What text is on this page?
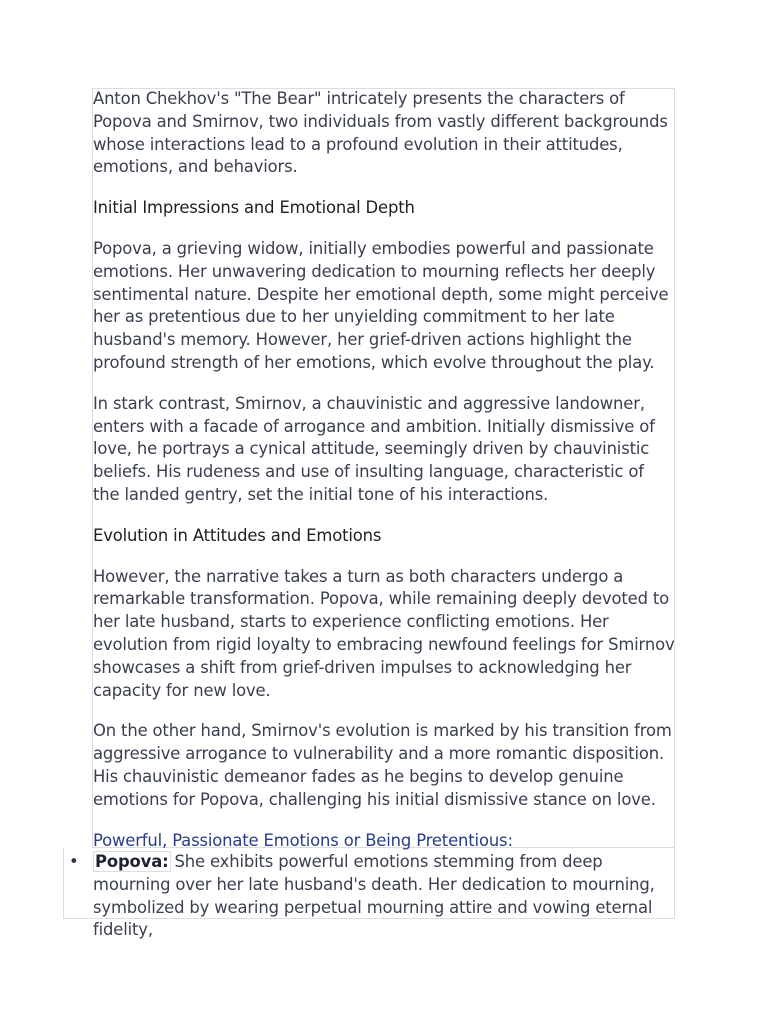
Anton Chekhov's "The Bear" intricately presents the characters of Popova and Smirnov, two individuals from vastly different backgrounds whose interactions lead to a profound evolution in their attitudes, emotions, and behaviors.

Initial Impressions and Emotional Depth

Popova, a grieving widow, initially embodies powerful and passionate emotions. Her unwavering dedication to mourning reflects her deeply sentimental nature. Despite her emotional depth, some might perceive her as pretentious due to her unyielding commitment to her late husband's memory. However, her grief-driven actions highlight the profound strength of her emotions, which evolve throughout the play.

In stark contrast, Smirnov, a chauvinistic and aggressive landowner, enters with a facade of arrogance and ambition. Initially dismissive of love, he portrays a cynical attitude, seemingly driven by chauvinistic beliefs. His rudeness and use of insulting language, characteristic of the landed gentry, set the initial tone of his interactions.

Evolution in Attitudes and Emotions

However, the narrative takes a turn as both characters undergo a remarkable transformation. Popova, while remaining deeply devoted to her late husband, starts to experience conflicting emotions. Her evolution from rigid loyalty to embracing newfound feelings for Smirnov showcases a shift from grief-driven impulses to acknowledging her capacity for new love.

On the other hand, Smirnov's evolution is marked by his transition from aggressive arrogance to vulnerability and a more romantic disposition. His chauvinistic demeanor fades as he begins to develop genuine emotions for Popova, challenging his initial dismissive stance on love.

Powerful, Passionate Emotions or Being Pretentious:

• Popova: She exhibits powerful emotions stemming from deep mourning over her late husband's death. Her dedication to mourning, symbolized by wearing perpetual mourning attire and vowing eternal fidelity,
